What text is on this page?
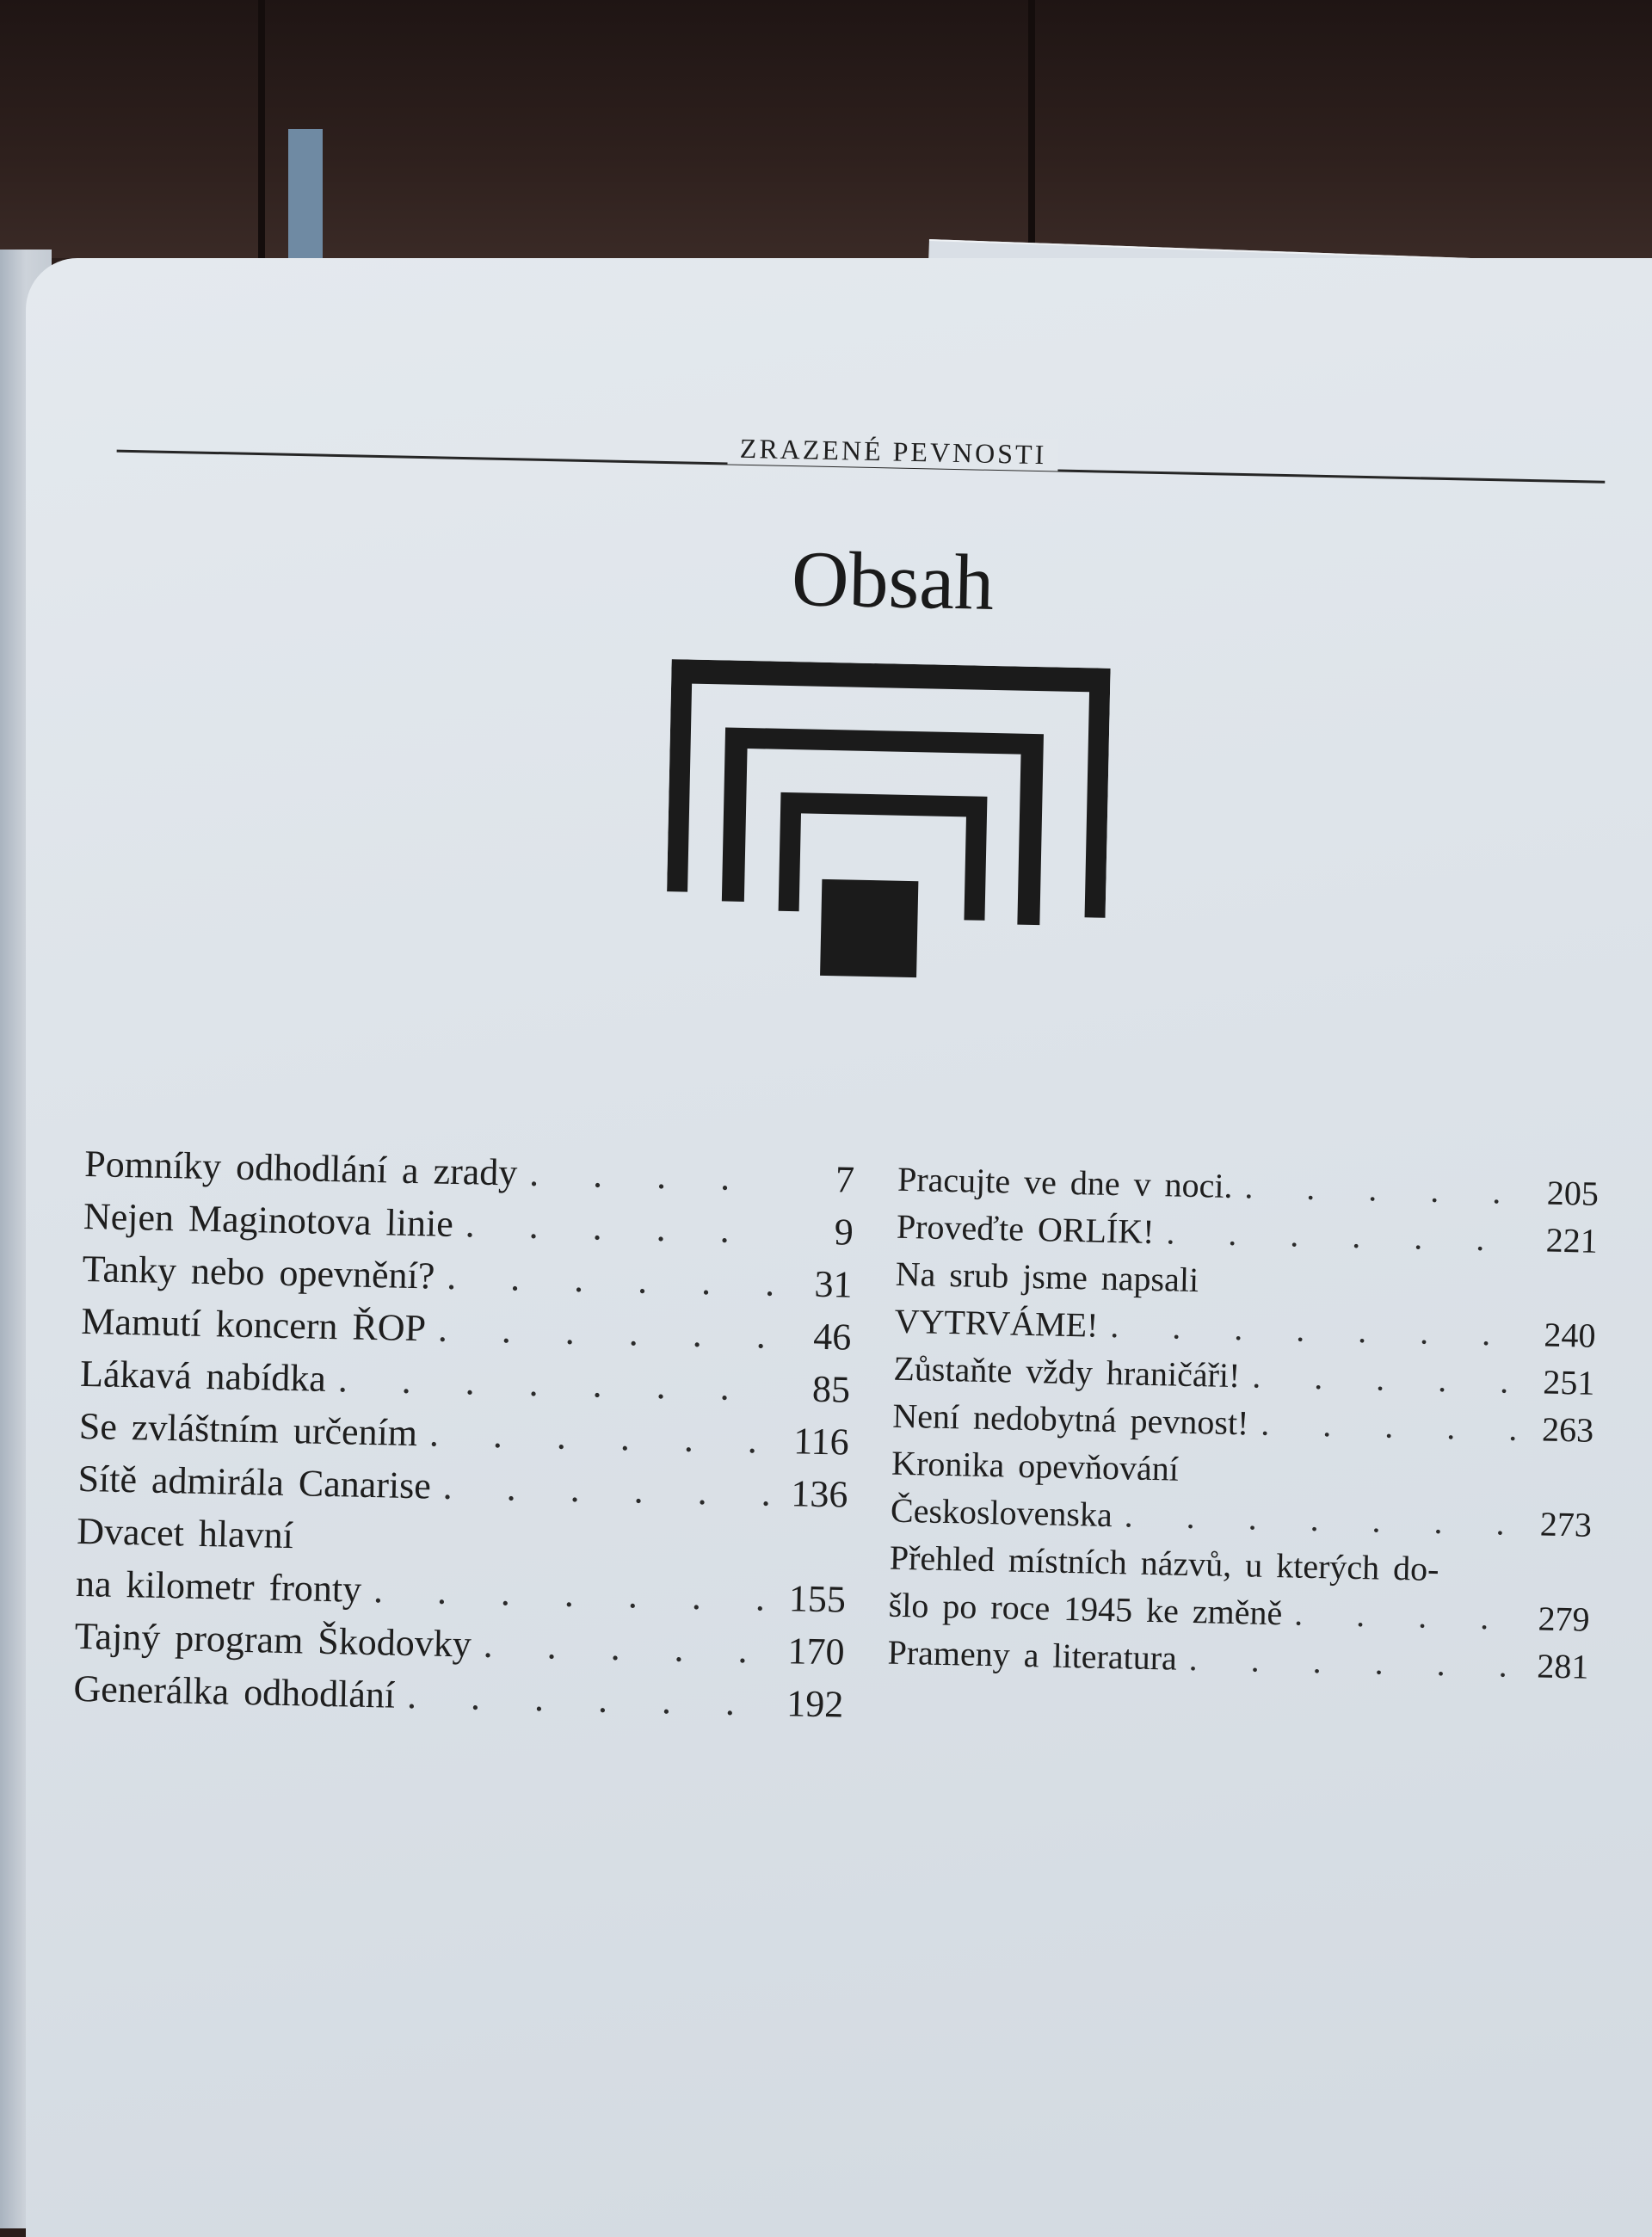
ZRAZENÉ PEVNOSTI
Obsah
Pomníky odhodlání a zrady . . .	7
Nejen Maginotova linie . . .	9
Tanky nebo opevnění? . . .	31
Mamutí koncern ŘOP . . .	46
Lákavá nabídka . . .	85
Se zvláštním určením . . .	116
Sítě admirála Canarise . . .	136
Dvacet hlavní
na kilometr fronty . . .	155
Tajný program Škodovky . . .	170
Generálka odhodlání . . .	192
Pracujte ve dne v noci. . . .	205
Proveďte ORLÍK! . . .	221
Na srub jsme napsali
VYTRVÁME! . . .	240
Zůstaňte vždy hraničáři! . . .	251
Není nedobytná pevnost! . . .	263
Kronika opevňování
Československa . . .	273
Přehled místních názvů, u kterých do-
šlo po roce 1945 ke změně . . .	279
Prameny a literatura . . .	281
